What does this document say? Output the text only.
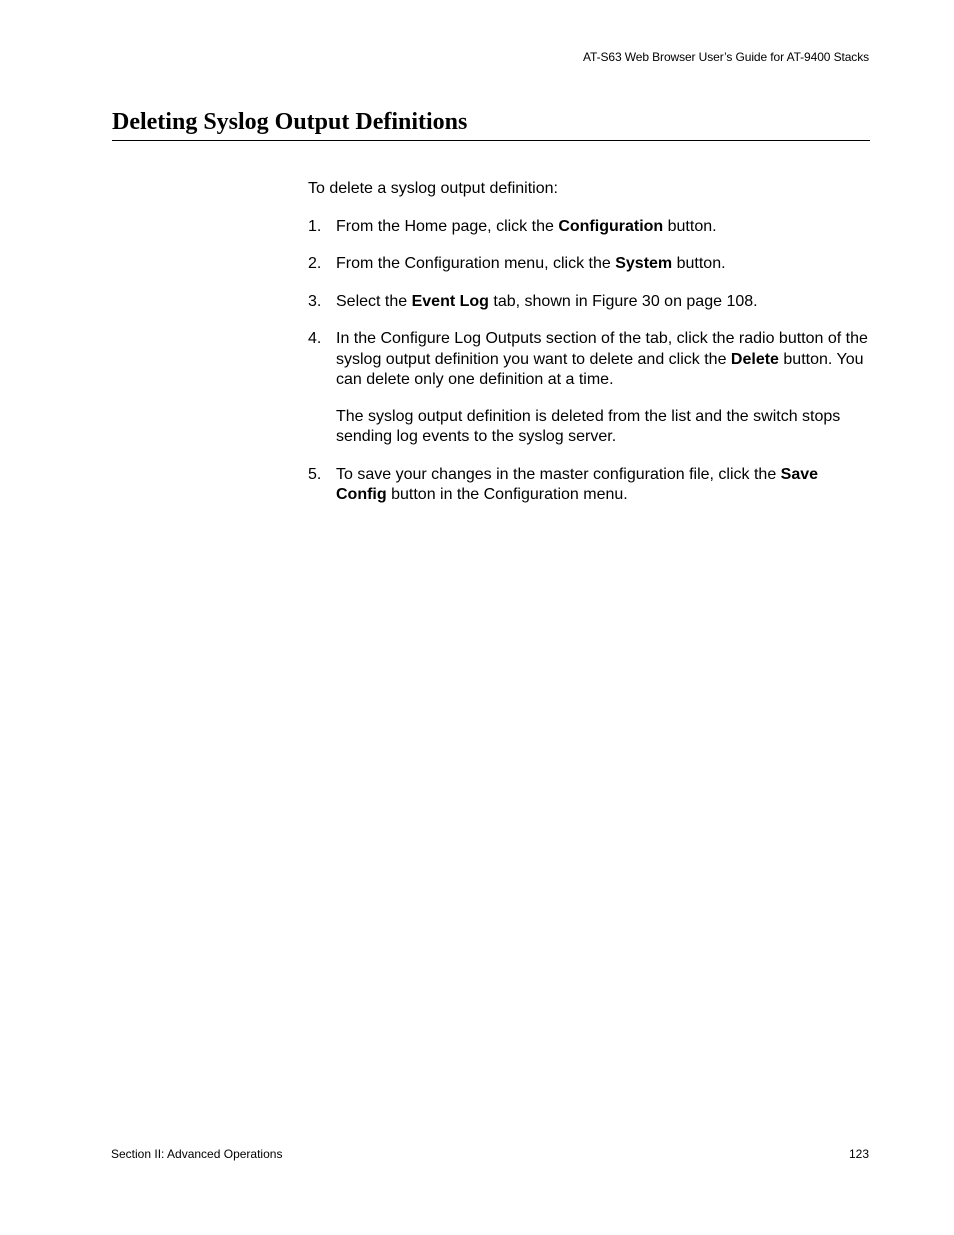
AT-S63 Web Browser User’s Guide for AT-9400 Stacks
Deleting Syslog Output Definitions

To delete a syslog output definition:

1. From the Home page, click the Configuration button.
2. From the Configuration menu, click the System button.
3. Select the Event Log tab, shown in Figure 30 on page 108.
4. In the Configure Log Outputs section of the tab, click the radio button of the syslog output definition you want to delete and click the Delete button. You can delete only one definition at a time.
The syslog output definition is deleted from the list and the switch stops sending log events to the syslog server.
5. To save your changes in the master configuration file, click the Save Config button in the Configuration menu.
Section II: Advanced Operations	123
